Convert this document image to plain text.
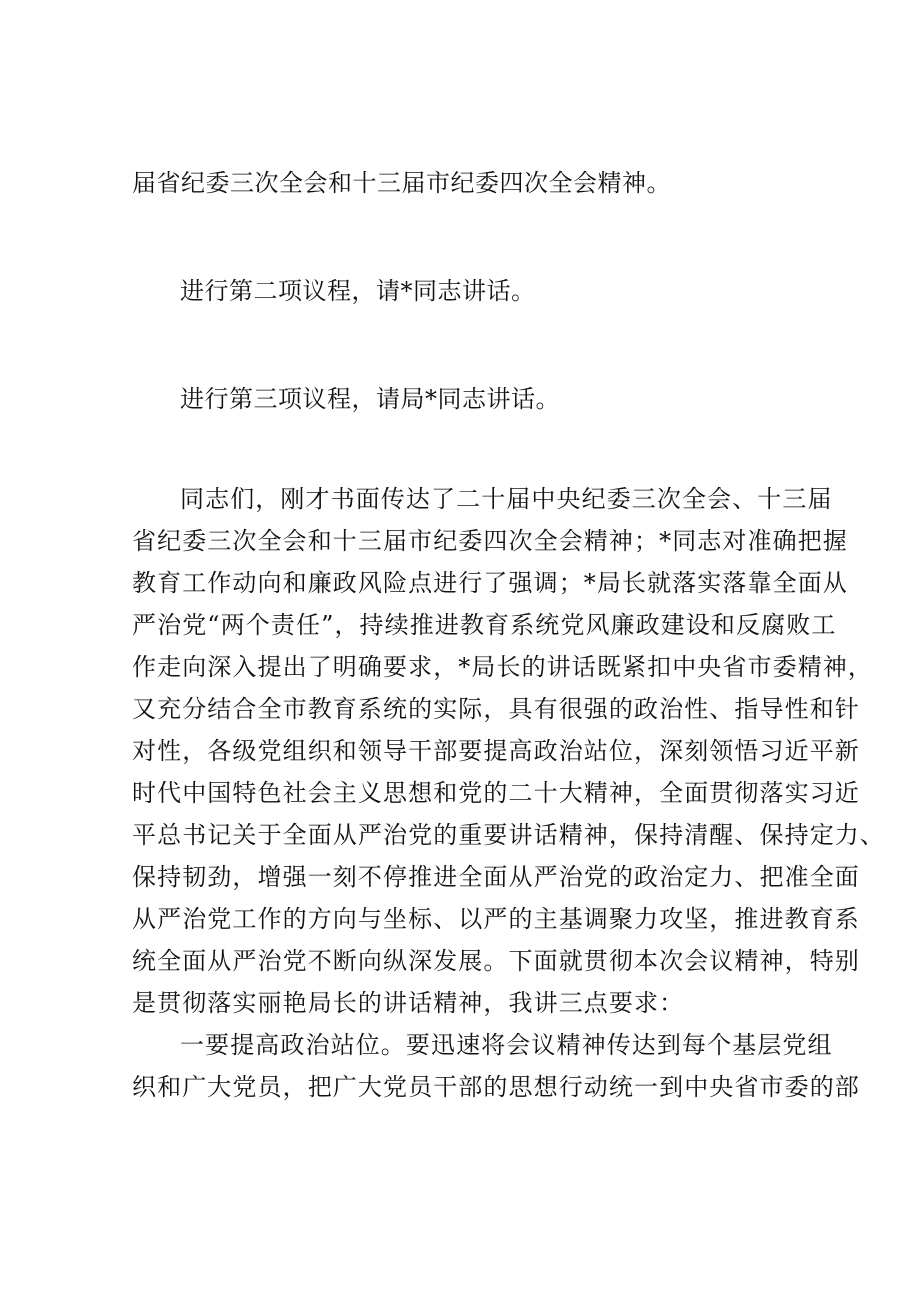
届省纪委三次全会和十三届市纪委四次全会精神。
进行第二项议程，请*同志讲话。
进行第三项议程，请局*同志讲话。
同志们，刚才书面传达了二十届中央纪委三次全会、十三届
省纪委三次全会和十三届市纪委四次全会精神；*同志对准确把握
教育工作动向和廉政风险点进行了强调；*局长就落实落靠全面从
严治党“两个责任”，持续推进教育系统党风廉政建设和反腐败工
作走向深入提出了明确要求，*局长的讲话既紧扣中央省市委精神，
又充分结合全市教育系统的实际，具有很强的政治性、指导性和针
对性，各级党组织和领导干部要提高政治站位，深刻领悟习近平新
时代中国特色社会主义思想和党的二十大精神，全面贯彻落实习近
平总书记关于全面从严治党的重要讲话精神，保持清醒、保持定力、
保持韧劲，增强一刻不停推进全面从严治党的政治定力、把准全面
从严治党工作的方向与坐标、以严的主基调聚力攻坚，推进教育系
统全面从严治党不断向纵深发展。下面就贯彻本次会议精神，特别
是贯彻落实丽艳局长的讲话精神，我讲三点要求：
一要提高政治站位。要迅速将会议精神传达到每个基层党组
织和广大党员，把广大党员干部的思想行动统一到中央省市委的部
